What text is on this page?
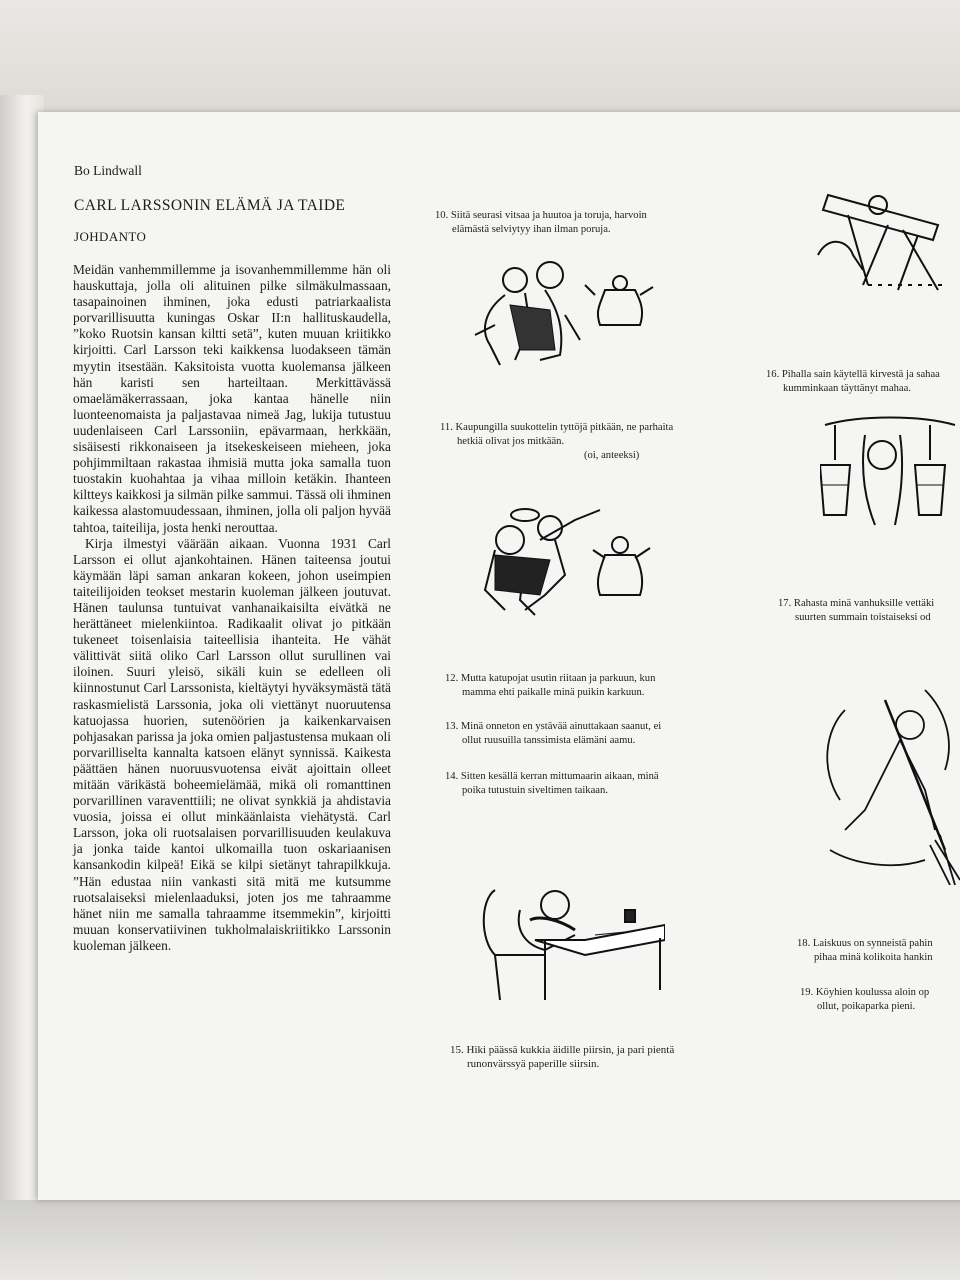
Bo Lindwall
CARL LARSSONIN ELÄMÄ JA TAIDE
JOHDANTO

Meidän vanhemmillemme ja isovanhemmillemme hän oli hauskuttaja, jolla oli alituinen pilke silmäkulmassaan, tasapainoinen ihminen, joka edusti patriarkaalista porvarillisuutta kuningas Oskar II:n hallituskaudella, ”koko Ruotsin kansan kiltti setä”, kuten muuan kriitikko kirjoitti. Carl Larsson teki kaikkensa luodakseen tämän myytin itsestään. Kaksitoista vuotta kuolemansa jälkeen hän karisti sen harteiltaan. Merkittävässä omaelämäkerrassaan, joka kantaa hänelle niin luonteenomaista ja paljastavaa nimeä Jag, lukija tutustuu uudenlaiseen Carl Larssoniin, epävarmaan, herkkään, sisäisesti rikkonaiseen ja itsekeskeiseen mieheen, joka pohjimmiltaan rakastaa ihmisiä mutta joka samalla tuon tuostakin kuohahtaa ja vihaa milloin ketäkin. Ihanteen kiltteys kaikkosi ja silmän pilke sammui. Tässä oli ihminen kaikessa alastomuudessaan, ihminen, jolla oli paljon hyvää tahtoa, taiteilija, josta henki nerouttaa.

Kirja ilmestyi väärään aikaan. Vuonna 1931 Carl Larsson ei ollut ajankohtainen. Hänen taiteensa joutui käymään läpi saman ankaran kokeen, johon useimpien taiteilijoiden teokset mestarin kuoleman jälkeen joutuvat. Hänen taulunsa tuntuivat vanhanaikaisilta eivätkä ne herättäneet mielenkiintoa. Radikaalit olivat jo pitkään tukeneet toisenlaisia taiteellisia ihanteita. He vähät välittivät siitä oliko Carl Larsson ollut surullinen vai iloinen. Suuri yleisö, sikäli kuin se edelleen oli kiinnostunut Carl Larssonista, kieltäytyi hyväksymästä tätä raskasmielistä Larssonia, joka oli viettänyt nuoruutensa katuojassa huorien, sutenöörien ja kaikenkarvaisen pohjasakan parissa ja joka omien paljastustensa mukaan oli porvarilliselta kannalta katsoen elänyt synnissä. Kaikesta päättäen hänen nuoruusvuotensa eivät ajoittain olleet mitään värikästä boheemielämää, mikä oli romanttinen porvarillinen varaventtiili; ne olivat synkkiä ja ahdistavia vuosia, joissa ei ollut minkäänlaista viehätystä. Carl Larsson, joka oli ruotsalaisen porvarillisuuden keulakuva ja jonka taide kantoi ulkomailla tuon oskariaanisen kansankodin kilpeä! Eikä se kilpi sietänyt tahrapilkkuja. ”Hän edustaa niin vankasti sitä mitä me kutsumme ruotsalaiseksi mielenlaaduksi, joten jos me tahraamme hänet niin me samalla tahraamme itsemmekin”, kirjoitti muuan konservatiivinen tukholmalaiskriitikko Larssonin kuoleman jälkeen.

10. Siitä seurasi vitsaa ja huutoa ja toruja, harvoin
elämästä selviytyy ihan ilman poruja.
11. Kaupungilla suukottelin tyttöjä pitkään, ne parhaita
hetkiä olivat jos mitkään.
(oi, anteeksi)
12. Mutta katupojat usutin riitaan ja parkuun, kun
mamma ehti paikalle minä puikin karkuun.
13. Minä onneton en ystävää ainuttakaan saanut, ei
ollut ruusuilla tanssimista elämäni aamu.
14. Sitten kesällä kerran mittumaarin aikaan, minä
poika tutustuin siveltimen taikaan.
15. Hiki päässä kukkia äidille piirsin, ja pari pientä
runonvärssyä paperille siirsin.
16. Pihalla sain käytellä kirvestä ja sahaa
kumminkaan täyttänyt mahaa.
17. Rahasta minä vanhuksille vettäki
suurten summain toistaiseksi od
18. Laiskuus on synneistä pahin
pihaa minä kolikoita hankin
19. Köyhien koulussa aloin op
ollut, poikaparka pieni.
